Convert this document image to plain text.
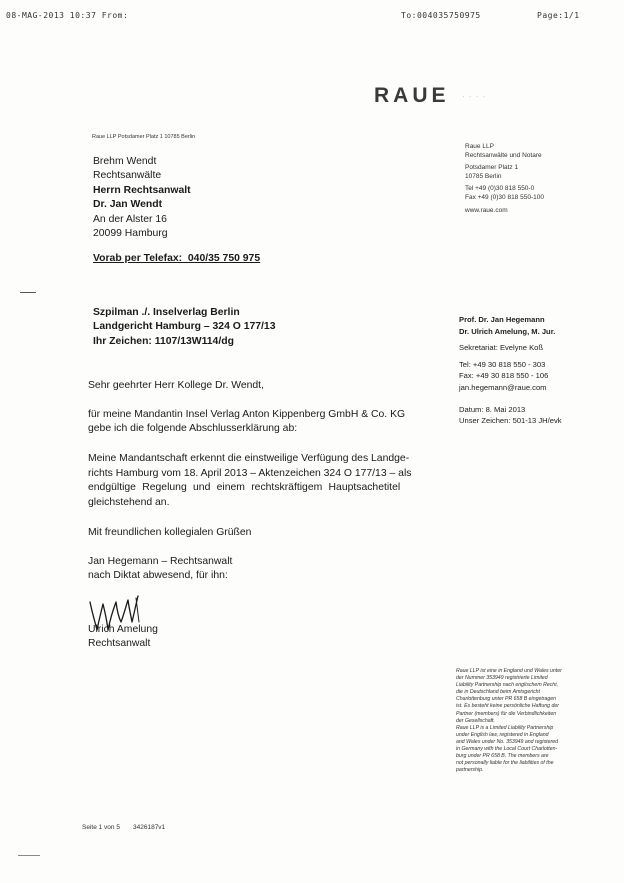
08-MAG-2013 10:37 From:	To:004035750975	Page:1/1
RAUE · · · ·
Raue LLP Potsdamer Platz 1 10785 Berlin
Brehm Wendt
Rechtsanwälte
Herrn Rechtsanwalt
Dr. Jan Wendt
An der Alster 16
20099 Hamburg
Vorab per Telefax:  040/35 750 975
Raue LLP
Rechtsanwälte und Notare
Potsdamer Platz 1
10785 Berlin
Tel +49 (0)30 818 550-0
Fax +49 (0)30 818 550-100
www.raue.com
Szpilman ./. Inselverlag Berlin
Landgericht Hamburg – 324 O 177/13
Ihr Zeichen: 1107/13W114/dg
Prof. Dr. Jan Hegemann
Dr. Ulrich Amelung, M. Jur.
Sekretariat: Evelyne Koß
Tel: +49 30 818 550 - 303
Fax: +49 30 818 550 - 106
jan.hegemann@raue.com
Datum: 8. Mai 2013
Unser Zeichen: 501-13 JH/evk
Sehr geehrter Herr Kollege Dr. Wendt,
für meine Mandantin Insel Verlag Anton Kippenberg GmbH & Co. KG
gebe ich die folgende Abschlusserklärung ab:
Meine Mandantschaft erkennt die einstweilige Verfügung des Landge-
richts Hamburg vom 18. April 2013 – Aktenzeichen 324 O 177/13 – als
endgültige Regelung und einem rechtskräftigem Hauptsachetitel
gleichstehend an.
Mit freundlichen kollegialen Grüßen
Jan Hegemann – Rechtsanwalt
nach Diktat abwesend, für ihn:
Ulrich Amelung
Rechtsanwalt
Raue LLP ist eine in England und Wales unter
der Nummer 353949 registrierte Limited
Liability Partnership nach englischem Recht,
die in Deutschland beim Amtsgericht
Charlottenburg unter PR 658 B eingetragen
ist. Es besteht keine persönliche Haftung der
Partner (members) für die Verbindlichkeiten
der Gesellschaft.
Raue LLP is a Limited Liability Partnership
under English law, registered in England
and Wales under No. 353949 and registered
in Germany with the Local Court Charlotten-
burg under PR 658 B. The members are
not personally liable for the liabilities of the
partnership.
Seite 1 von 5 3426187v1
